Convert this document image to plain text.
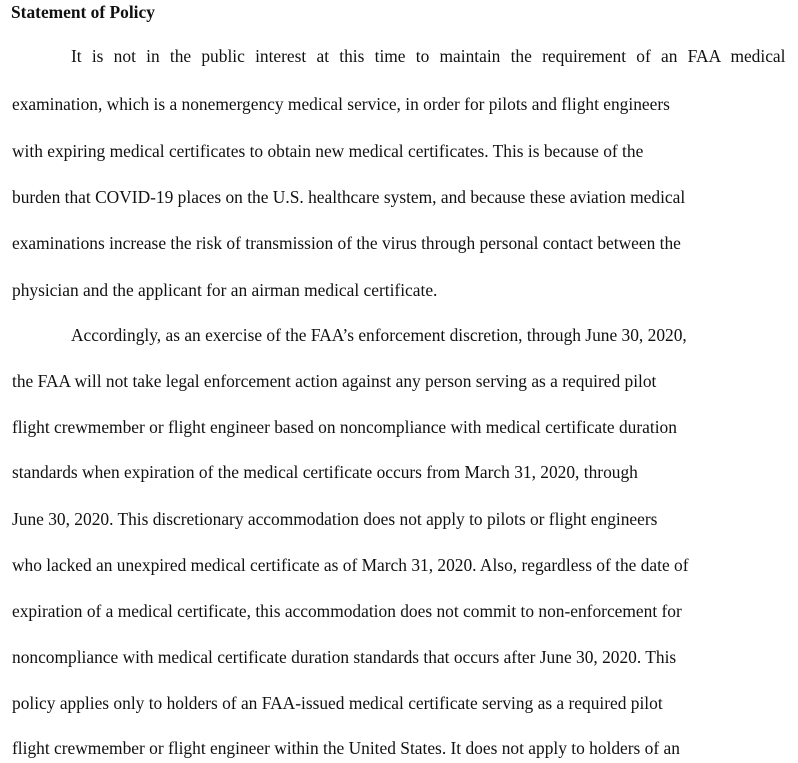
Statement of Policy
It is not in the public interest at this time to maintain the requirement of an FAA medical
examination, which is a nonemergency medical service, in order for pilots and flight engineers
with expiring medical certificates to obtain new medical certificates. This is because of the
burden that COVID-19 places on the U.S. healthcare system, and because these aviation medical
examinations increase the risk of transmission of the virus through personal contact between the
physician and the applicant for an airman medical certificate.
Accordingly, as an exercise of the FAA’s enforcement discretion, through June 30, 2020,
the FAA will not take legal enforcement action against any person serving as a required pilot
flight crewmember or flight engineer based on noncompliance with medical certificate duration
standards when expiration of the medical certificate occurs from March 31, 2020, through
June 30, 2020. This discretionary accommodation does not apply to pilots or flight engineers
who lacked an unexpired medical certificate as of March 31, 2020. Also, regardless of the date of
expiration of a medical certificate, this accommodation does not commit to non-enforcement for
noncompliance with medical certificate duration standards that occurs after June 30, 2020. This
policy applies only to holders of an FAA-issued medical certificate serving as a required pilot
flight crewmember or flight engineer within the United States. It does not apply to holders of an
